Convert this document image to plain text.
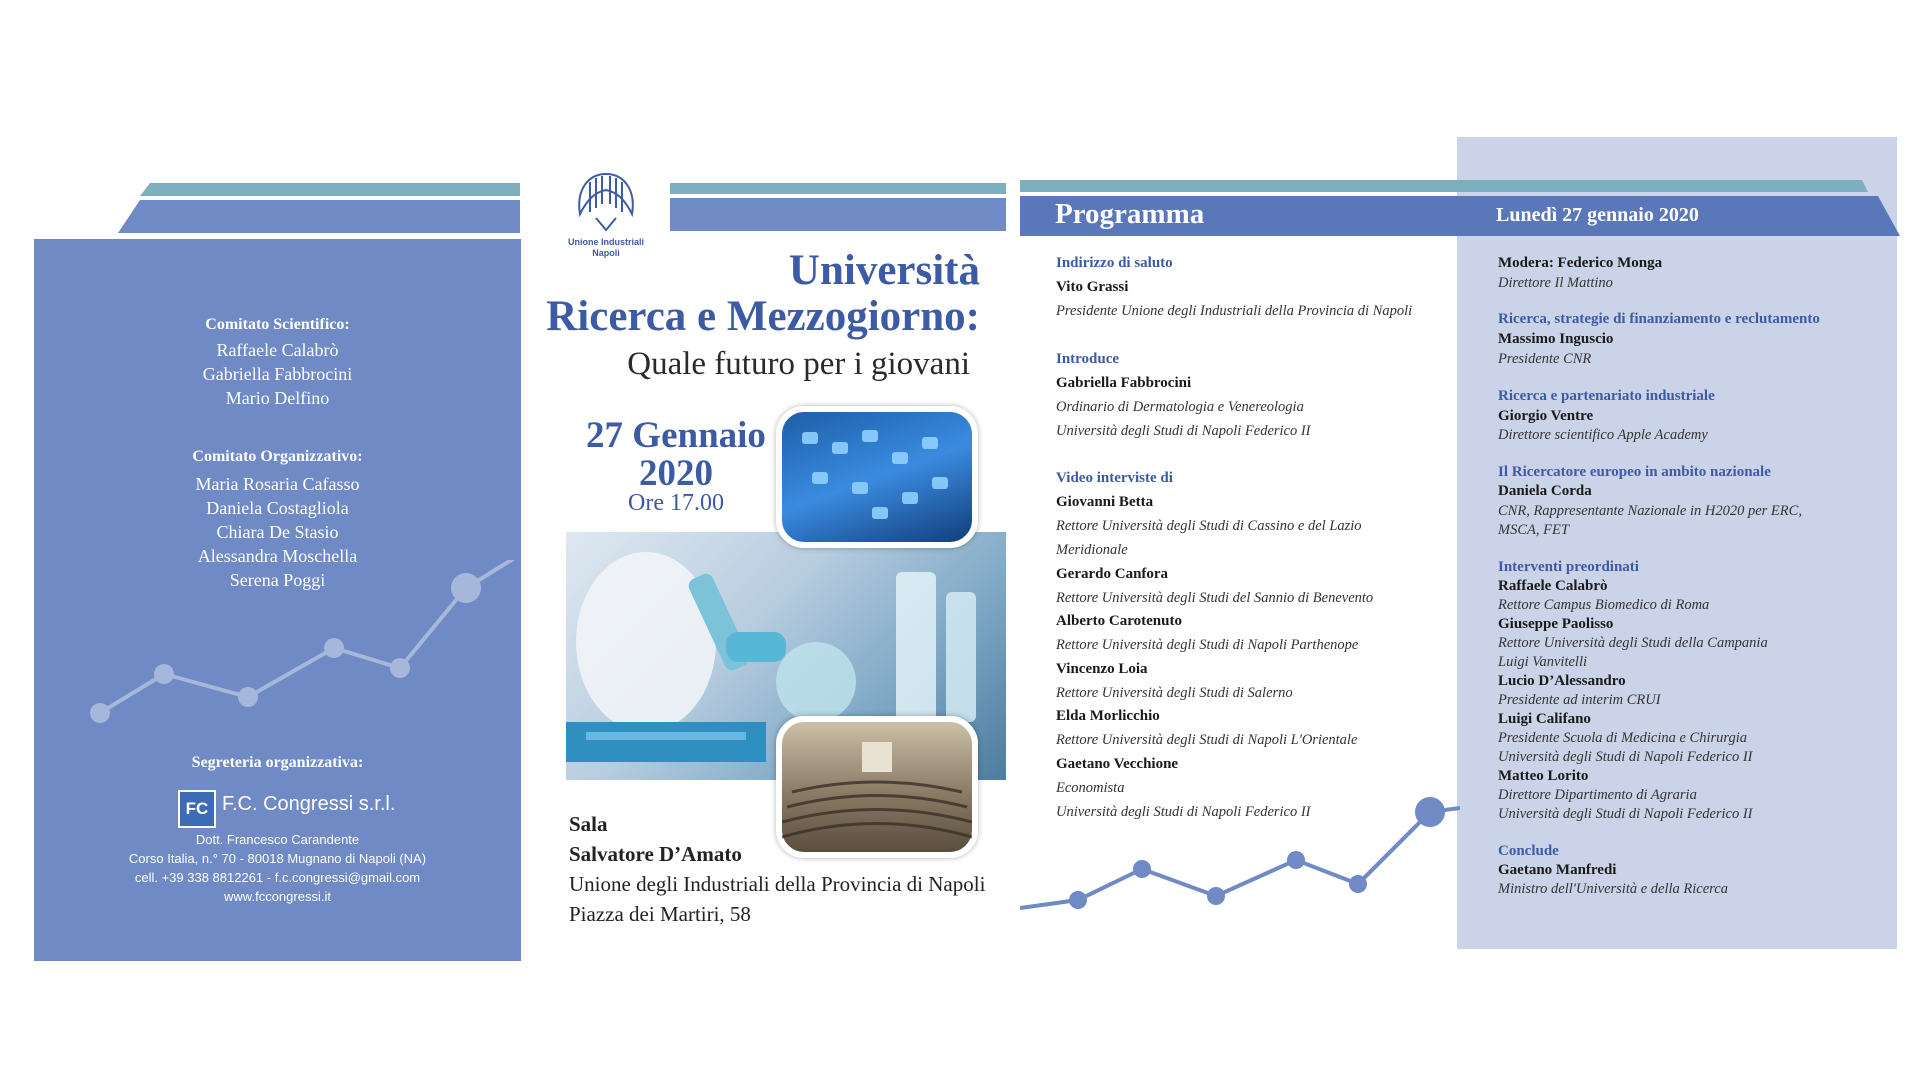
Comitato Scientifico:
Raffaele Calabrò
Gabriella Fabbrocini
Mario Delfino
Comitato Organizzativo:
Maria Rosaria Cafasso
Daniela Costagliola
Chiara De Stasio
Alessandra Moschella
Serena Poggi
Segreteria organizzativa:
FC F.C. Congressi s.r.l.
Dott. Francesco Carandente
Corso Italia, n.° 70 - 80018 Mugnano di Napoli (NA)
cell. +39 338 8812261 - f.c.congressi@gmail.com
www.fccongressi.it
Unione Industriali
Napoli	Università
Ricerca e Mezzogiorno:
Quale futuro per i giovani
27 Gennaio
2020
Ore 17.00
Sala
Salvatore D’Amato
Unione degli Industriali della Provincia di Napoli
Piazza dei Martiri, 58
Programma	Lunedì 27 gennaio 2020
Indirizzo di saluto
Vito Grassi
Presidente Unione degli Industriali della Provincia di Napoli
Introduce
Gabriella Fabbrocini
Ordinario di Dermatologia e Venereologia
Università degli Studi di Napoli Federico II
Video interviste di
Giovanni Betta
Rettore Università degli Studi di Cassino e del Lazio
Meridionale
Gerardo Canfora
Rettore Università degli Studi del Sannio di Benevento
Alberto Carotenuto
Rettore Università degli Studi di Napoli Parthenope
Vincenzo Loia
Rettore Università degli Studi di Salerno
Elda Morlicchio
Rettore Università degli Studi di Napoli L'Orientale
Gaetano Vecchione
Economista
Università degli Studi di Napoli Federico II
Modera: Federico Monga
Direttore Il Mattino
Ricerca, strategie di finanziamento e reclutamento
Massimo Inguscio
Presidente CNR
Ricerca e partenariato industriale
Giorgio Ventre
Direttore scientifico Apple Academy
Il Ricercatore europeo in ambito nazionale
Daniela Corda
CNR, Rappresentante Nazionale in H2020 per ERC,
MSCA, FET
Interventi preordinati
Raffaele Calabrò
Rettore Campus Biomedico di Roma
Giuseppe Paolisso
Rettore Università degli Studi della Campania
Luigi Vanvitelli
Lucio D’Alessandro
Presidente ad interim CRUI
Luigi Califano
Presidente Scuola di Medicina e Chirurgia
Università degli Studi di Napoli Federico II
Matteo Lorito
Direttore Dipartimento di Agraria
Università degli Studi di Napoli Federico II
Conclude
Gaetano Manfredi
Ministro dell'Università e della Ricerca
